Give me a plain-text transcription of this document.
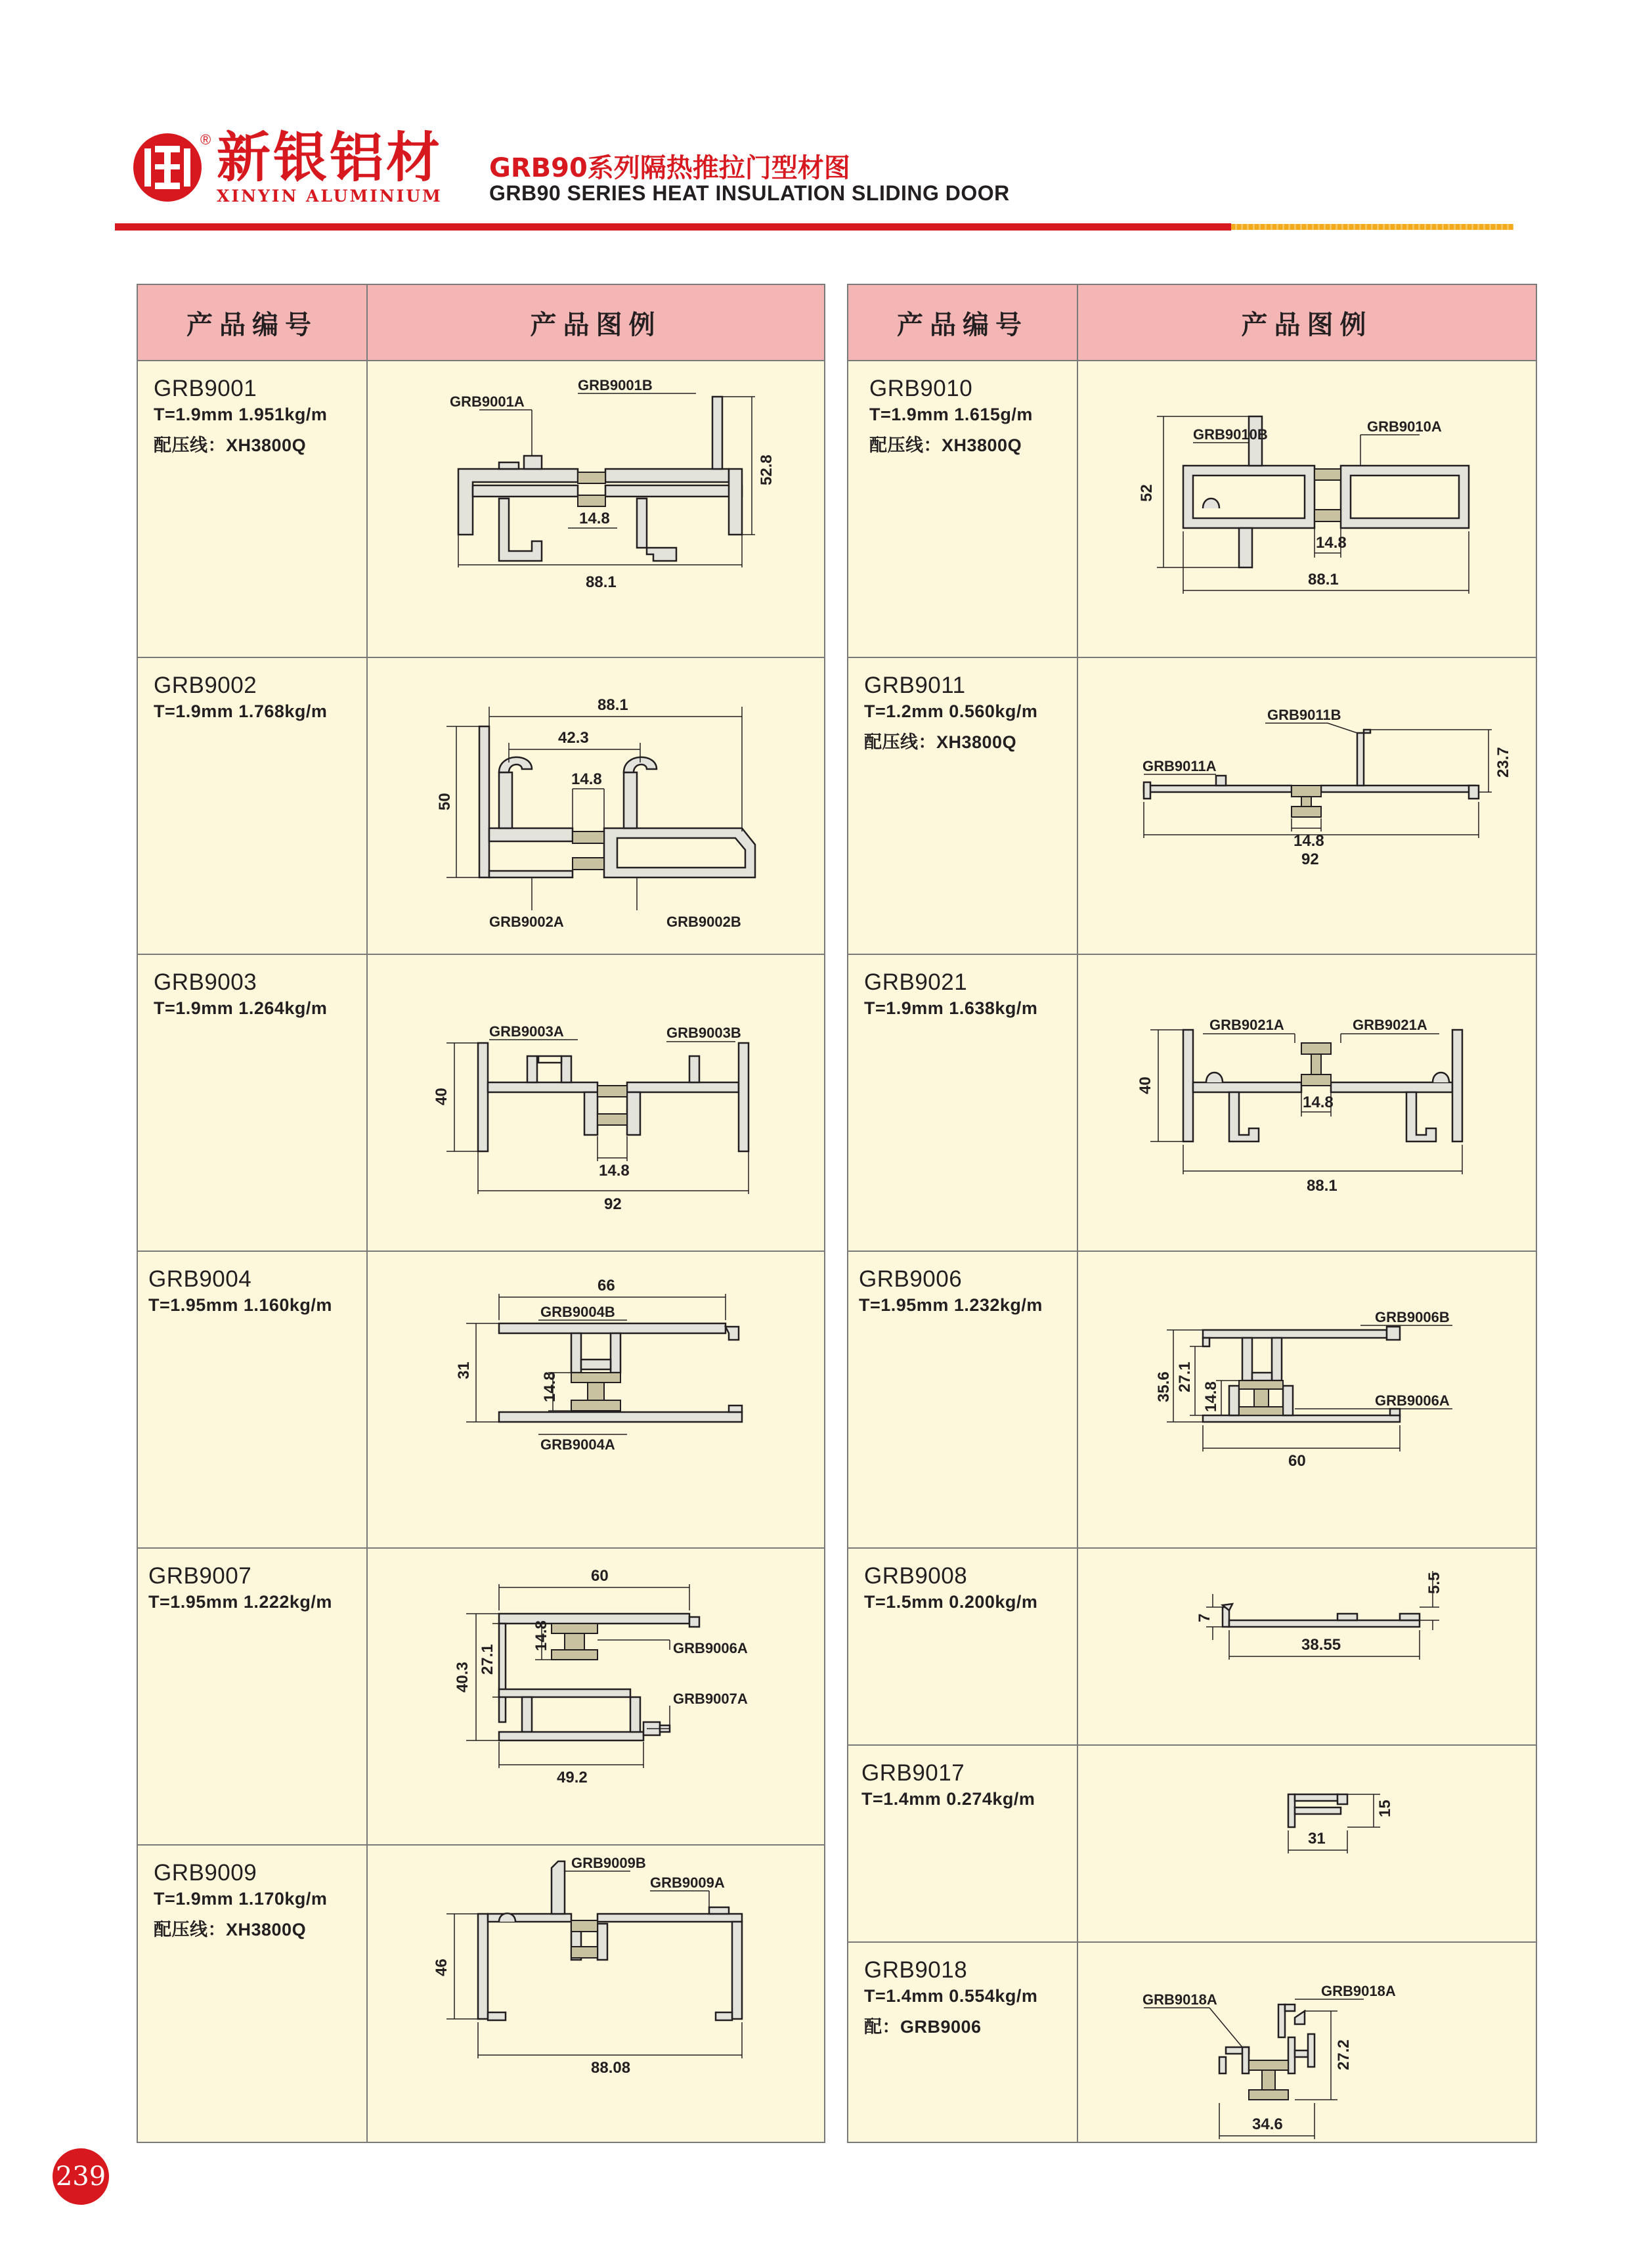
® 新银铝材
XINYIN ALUMINIUM
GRB90系列隔热推拉门型材图
GRB90 SERIES HEAT INSULATION SLIDING DOOR
产品编号	产品图例
GRB9001
T=1.9mm 1.951kg/m
配压线：XH3800Q
GRB9001B
GRB9001A
14.8
88.1
52.8
GRB9002
T=1.9mm 1.768kg/m	88.1
42.3
14.8
50
GRB9002A	GRB9002B
GRB9003
T=1.9mm 1.264kg/m
GRB9003A	GRB9003B
40
14.8
92
GRB9004
T=1.95mm 1.160kg/m
66
GRB9004B
31
14.8
GRB9004A
GRB9007
T=1.95mm 1.222kg/m
60
14.8	GRB9006A
27.1
40.3
GRB9007A
49.2
GRB9009
T=1.9mm 1.170kg/m
配压线：XH3800Q
GRB9009B
GRB9009A
46
88.08
产品编号	产品图例
GRB9010
T=1.9mm 1.615g/m
配压线：XH3800Q
GRB9010B	GRB9010A
52
14.8
88.1
GRB9011
T=1.2mm 0.560kg/m
配压线：XH3800Q
GRB9011B
GRB9011A	23.7
14.8
92
GRB9021
T=1.9mm 1.638kg/m
GRB9021A	GRB9021A
40
14.8
88.1
GRB9006
T=1.95mm 1.232kg/m
GRB9006B
35.6 27.1
14.8	GRB9006A
60
GRB9008
T=1.5mm 0.200kg/m
5.5
7
38.55
GRB9017
T=1.4mm 0.274kg/m	15
31
GRB9018
T=1.4mm 0.554kg/m
配：GRB9006
GRB9018A
GRB9018A
27.2
34.6
239
